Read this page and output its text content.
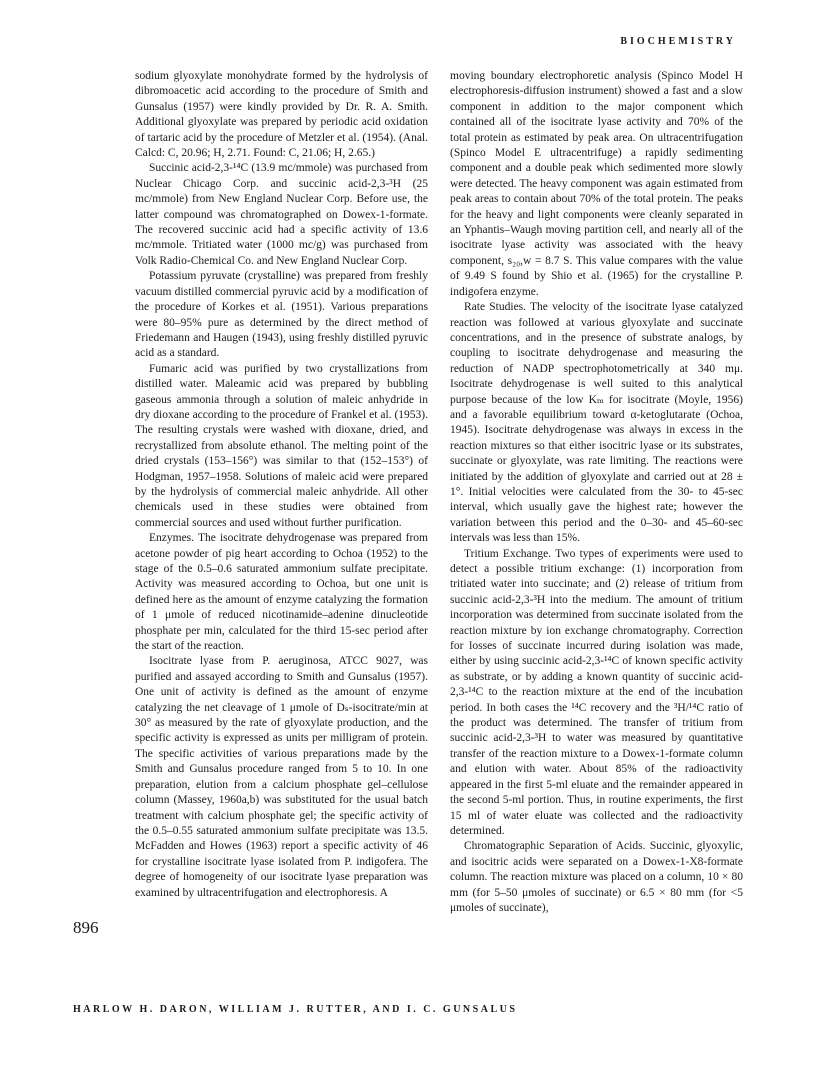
BIOCHEMISTRY

sodium glyoxylate monohydrate formed by the hydrolysis of dibromoacetic acid according to the procedure of Smith and Gunsalus (1957) were kindly provided by Dr. R. A. Smith. Additional glyoxylate was prepared by periodic acid oxidation of tartaric acid by the procedure of Metzler et al. (1954). (Anal. Calcd: C, 20.96; H, 2.71. Found: C, 21.06; H, 2.65.)

Succinic acid-2,3-¹⁴C (13.9 mc/mmole) was purchased from Nuclear Chicago Corp. and succinic acid-2,3-³H (25 mc/mmole) from New England Nuclear Corp. Before use, the latter compound was chromatographed on Dowex-1-formate. The recovered succinic acid had a specific activity of 13.6 mc/mmole. Tritiated water (1000 mc/g) was purchased from Volk Radio-Chemical Co. and New England Nuclear Corp.

Potassium pyruvate (crystalline) was prepared from freshly vacuum distilled commercial pyruvic acid by a modification of the procedure of Korkes et al. (1951). Various preparations were 80–95% pure as determined by the direct method of Friedemann and Haugen (1943), using freshly distilled pyruvic acid as a standard.

Fumaric acid was purified by two crystallizations from distilled water. Maleamic acid was prepared by bubbling gaseous ammonia through a solution of maleic anhydride in dry dioxane according to the procedure of Frankel et al. (1953). The resulting crystals were washed with dioxane, dried, and recrystallized from absolute ethanol. The melting point of the dried crystals (153–156°) was similar to that (152–153°) of Hodgman, 1957–1958. Solutions of maleic acid were prepared by the hydrolysis of commercial maleic anhydride. All other chemicals used in these studies were obtained from commercial sources and used without further purification.

Enzymes. The isocitrate dehydrogenase was prepared from acetone powder of pig heart according to Ochoa (1952) to the stage of the 0.5–0.6 saturated ammonium sulfate precipitate. Activity was measured according to Ochoa, but one unit is defined here as the amount of enzyme catalyzing the formation of 1 μmole of reduced nicotinamide–adenine dinucleotide phosphate per min, calculated for the third 15-sec period after the start of the reaction.

Isocitrate lyase from P. aeruginosa, ATCC 9027, was purified and assayed according to Smith and Gunsalus (1957). One unit of activity is defined as the amount of enzyme catalyzing the net cleavage of 1 μmole of Dₛ-isocitrate/min at 30° as measured by the rate of glyoxylate production, and the specific activity is expressed as units per milligram of protein. The specific activities of various preparations made by the Smith and Gunsalus procedure ranged from 5 to 10. In one preparation, elution from a calcium phosphate gel–cellulose column (Massey, 1960a,b) was substituted for the usual batch treatment with calcium phosphate gel; the specific activity of the 0.5–0.55 saturated ammonium sulfate precipitate was 13.5. McFadden and Howes (1963) report a specific activity of 46 for crystalline isocitrate lyase isolated from P. indigofera. The degree of homogeneity of our isocitrate lyase preparation was examined by ultracentrifugation and electrophoresis. A

moving boundary electrophoretic analysis (Spinco Model H electrophoresis-diffusion instrument) showed a fast and a slow component in addition to the major component which contained all of the isocitrate lyase activity and 70% of the total protein as estimated by peak area. On ultracentrifugation (Spinco Model E ultracentrifuge) a rapidly sedimenting component and a double peak which sedimented more slowly were detected. The heavy component was again estimated from peak areas to contain about 70% of the total protein. The peaks for the heavy and light components were cleanly separated in an Yphantis–Waugh moving partition cell, and nearly all of the isocitrate lyase activity was associated with the heavy component, s₂₀,w = 8.7 S. This value compares with the value of 9.49 S found by Shio et al. (1965) for the crystalline P. indigofera enzyme.

Rate Studies. The velocity of the isocitrate lyase catalyzed reaction was followed at various glyoxylate and succinate concentrations, and in the presence of substrate analogs, by coupling to isocitrate dehydrogenase and measuring the reduction of NADP spectrophotometrically at 340 mμ. Isocitrate dehydrogenase is well suited to this analytical purpose because of the low Kₘ for isocitrate (Moyle, 1956) and a favorable equilibrium toward α-ketoglutarate (Ochoa, 1945). Isocitrate dehydrogenase was always in excess in the reaction mixtures so that either isocitric lyase or its substrates, succinate or glyoxylate, was rate limiting. The reactions were initiated by the addition of glyoxylate and carried out at 28 ± 1°. Initial velocities were calculated from the 30- to 45-sec interval, which usually gave the highest rate; however the variation between this period and the 0–30- and 45–60-sec intervals was less than 15%.

Tritium Exchange. Two types of experiments were used to detect a possible tritium exchange: (1) incorporation from tritiated water into succinate; and (2) release of tritium from succinic acid-2,3-³H into the medium. The amount of tritium incorporation was determined from succinate isolated from the reaction mixture by ion exchange chromatography. Correction for losses of succinate incurred during isolation was made, either by using succinic acid-2,3-¹⁴C of known specific activity as substrate, or by adding a known quantity of succinic acid-2,3-¹⁴C to the reaction mixture at the end of the incubation period. In both cases the ¹⁴C recovery and the ³H/¹⁴C ratio of the product was determined. The transfer of tritium from succinic acid-2,3-³H to water was measured by quantitative transfer of the reaction mixture to a Dowex-1-formate column and elution with water. About 85% of the radioactivity appeared in the first 5-ml eluate and the remainder appeared in the second 5-ml portion. Thus, in routine experiments, the first 15 ml of water eluate was collected and the radioactivity determined.

Chromatographic Separation of Acids. Succinic, glyoxylic, and isocitric acids were separated on a Dowex-1-X8-formate column. The reaction mixture was placed on a column, 10 × 80 mm (for 5–50 μmoles of succinate) or 6.5 × 80 mm (for <5 μmoles of succinate),

896
HARLOW H. DARON, WILLIAM J. RUTTER, AND I. C. GUNSALUS
